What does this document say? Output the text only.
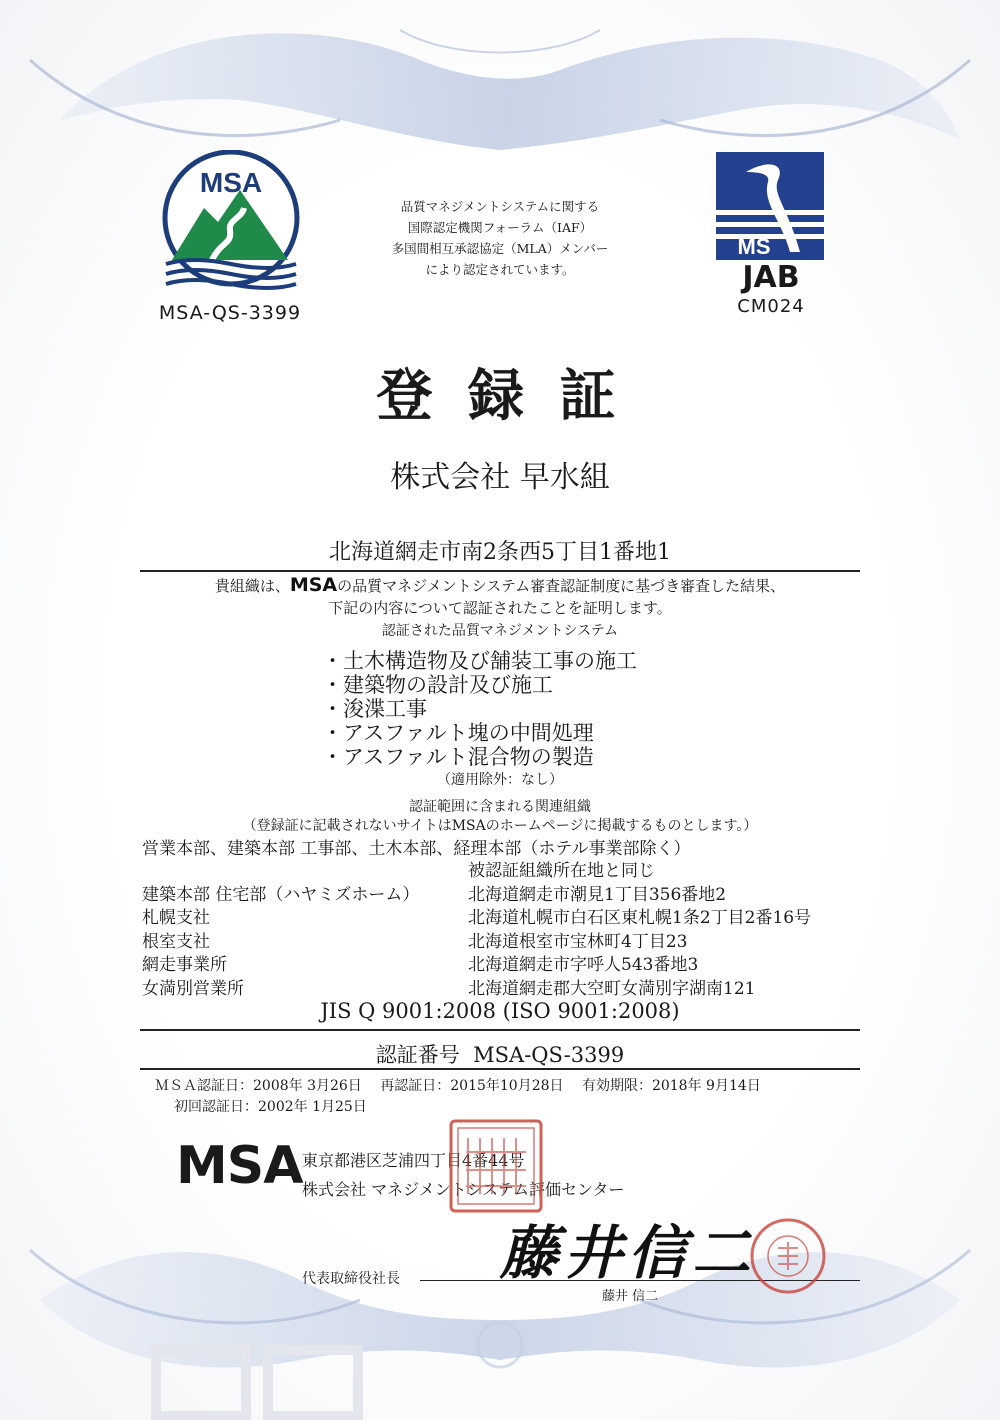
MSA
MSA-QS-3399
品質マネジメントシステムに関する
国際認定機関フォーラム（IAF）
多国間相互承認協定（MLA）メンバー
により認定されています。
MS
JAB
CM024
登 録 証
株式会社 早水組
北海道網走市南2条西5丁目1番地1
貴組織は、MSAの品質マネジメントシステム審査認証制度に基づき審査した結果、
下記の内容について認証されたことを証明します。
認証された品質マネジメントシステム
・土木構造物及び舗装工事の施工
・建築物の設計及び施工
・浚渫工事
・アスファルト塊の中間処理
・アスファルト混合物の製造
（適用除外：なし）
認証範囲に含まれる関連組織
（登録証に記載されないサイトはMSAのホームページに掲載するものとします。）
営業本部、建築本部 工事部、土木本部、経理本部（ホテル事業部除く）
被認証組織所在地と同じ
建築本部 住宅部（ハヤミズホーム）	北海道網走市潮見1丁目356番地2
札幌支社	北海道札幌市白石区東札幌1条2丁目2番16号
根室支社	北海道根室市宝林町4丁目23
網走事業所	北海道網走市字呼人543番地3
女満別営業所	北海道網走郡大空町女満別字湖南121
JIS Q 9001:2008 (ISO 9001:2008)
認証番号 MSA-QS-3399
ＭＳＡ認証日：2008年 3月26日　 再認証日：2015年10月28日　 有効期限：2018年 9月14日
初回認証日：2002年 1月25日
MSA 東京都港区芝浦四丁目4番44号
株式会社 マネジメントシステム評価センター
代表取締役社長 藤井信二
藤井 信二
